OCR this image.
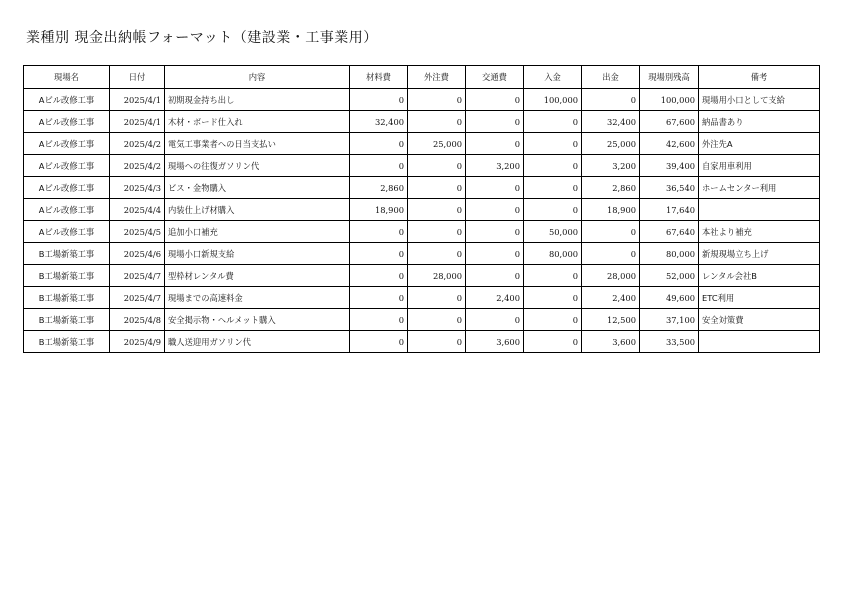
業種別 現金出納帳フォーマット（建設業・工事業用）
現場名	日付	内容	材料費	外注費	交通費	入金	出金	現場別残高	備考
Aビル改修工事	2025/4/1	初期現金持ち出し	0	0	0	100,000	0	100,000	現場用小口として支給
Aビル改修工事	2025/4/1	木材・ボード仕入れ	32,400	0	0	0	32,400	67,600	納品書あり
Aビル改修工事	2025/4/2	電気工事業者への日当支払い	0	25,000	0	0	25,000	42,600	外注先A
Aビル改修工事	2025/4/2	現場への往復ガソリン代	0	0	3,200	0	3,200	39,400	自家用車利用
Aビル改修工事	2025/4/3	ビス・金物購入	2,860	0	0	0	2,860	36,540	ホームセンター利用
Aビル改修工事	2025/4/4	内装仕上げ材購入	18,900	0	0	0	18,900	17,640	
Aビル改修工事	2025/4/5	追加小口補充	0	0	0	50,000	0	67,640	本社より補充
B工場新築工事	2025/4/6	現場小口新規支給	0	0	0	80,000	0	80,000	新規現場立ち上げ
B工場新築工事	2025/4/7	型枠材レンタル費	0	28,000	0	0	28,000	52,000	レンタル会社B
B工場新築工事	2025/4/7	現場までの高速料金	0	0	2,400	0	2,400	49,600	ETC利用
B工場新築工事	2025/4/8	安全掲示物・ヘルメット購入	0	0	0	0	12,500	37,100	安全対策費
B工場新築工事	2025/4/9	職人送迎用ガソリン代	0	0	3,600	0	3,600	33,500	
